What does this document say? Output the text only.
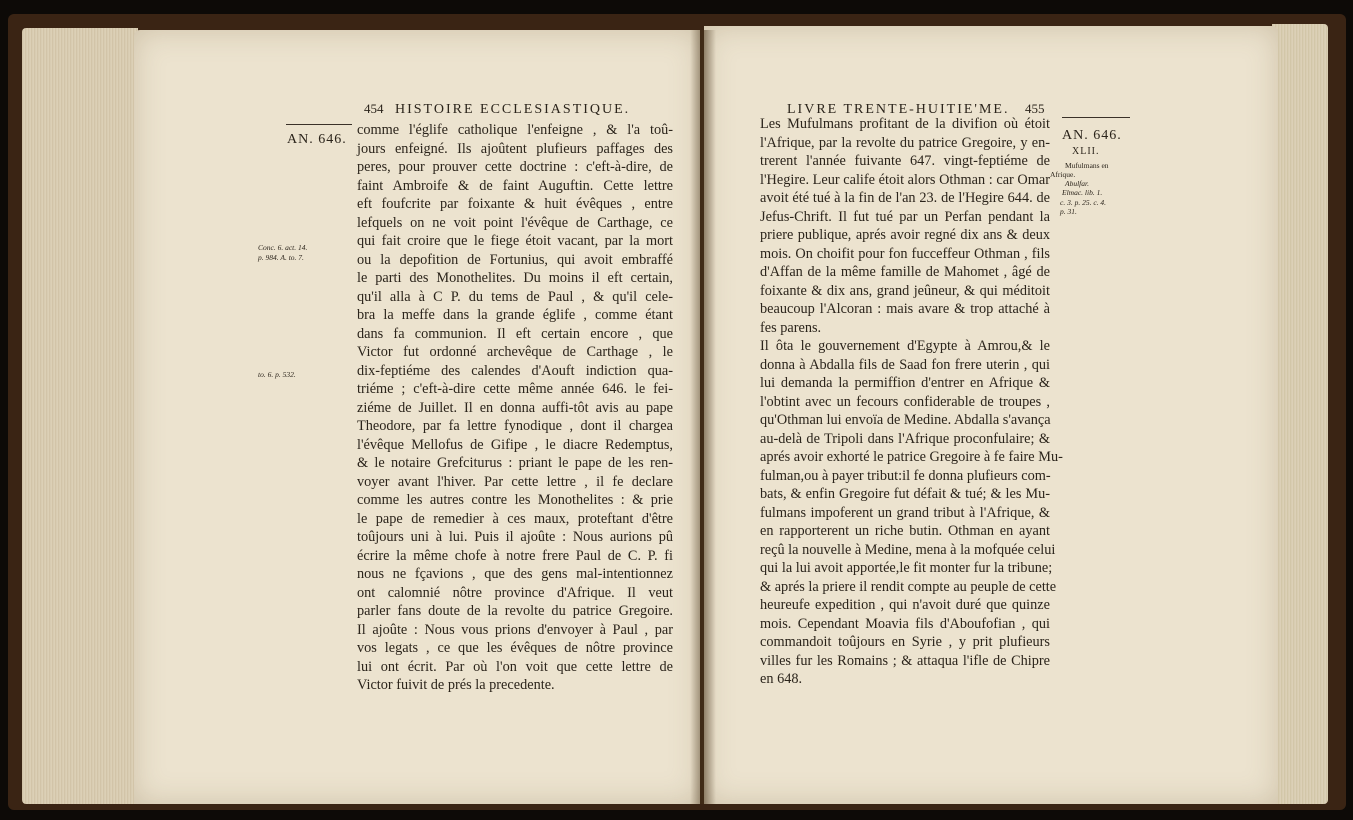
454 HISTOIRE ECCLESIASTIQUE.
AN. 646.
Conc. 6. act. 14.
p. 984. A. to. 7.
to. 6. p. 532.
comme l'églife catholique l'enfeigne , & l'a toû-
jours enfeigné. Ils ajoûtent plufieurs paffages des
peres, pour prouver cette doctrine : c'eft-à-dire, de
faint Ambroife & de faint Auguftin. Cette lettre
eft foufcrite par foixante & huit évêques , entre
lefquels on ne voit point l'évêque de Carthage, ce
qui fait croire que le fiege étoit vacant, par la mort
ou la depofition de Fortunius, qui avoit embraffé
le parti des Monothelites. Du moins il eft certain,
qu'il alla à C P. du tems de Paul , & qu'il cele-
bra la meffe dans la grande églife , comme étant
dans fa communion. Il eft certain encore , que
Victor fut ordonné archevêque de Carthage , le
dix-feptiéme des calendes d'Aouft indiction qua-
triéme ; c'eft-à-dire cette même année 646. le fei-
ziéme de Juillet. Il en donna auffi-tôt avis au pape
Theodore, par fa lettre fynodique , dont il chargea
l'évêque Mellofus de Gifipe , le diacre Redemptus,
& le notaire Grefciturus : priant le pape de les ren-
voyer avant l'hiver. Par cette lettre , il fe declare
comme les autres contre les Monothelites : & prie
le pape de remedier à ces maux, proteftant d'être
toûjours uni à lui. Puis il ajoûte : Nous aurions pû
écrire la même chofe à notre frere Paul de C. P. fi
nous ne fçavions , que des gens mal-intentionnez
ont calomnié nôtre province d'Afrique. Il veut
parler fans doute de la revolte du patrice Gregoire.
Il ajoûte : Nous vous prions d'envoyer à Paul , par
vos legats , ce que les évêques de nôtre province
lui ont écrit. Par où l'on voit que cette lettre de
Victor fuivit de prés la precedente.
LIVRE TRENTE-HUITIE'ME. 455
AN. 646.
XLII.
Mufulmans en
Afrique.
Abulfar.
Elmac. lib. 1.
c. 3. p. 25. c. 4.
p. 31.
Les Mufulmans profitant de la divifion où étoit
l'Afrique, par la revolte du patrice Gregoire, y en-
trerent l'année fuivante 647. vingt-feptiéme de
l'Hegire. Leur calife étoit alors Othman : car Omar
avoit été tué à la fin de l'an 23. de l'Hegire 644. de
Jefus-Chrift. Il fut tué par un Perfan pendant la
priere publique, aprés avoir regné dix ans & deux
mois. On choifit pour fon fucceffeur Othman , fils
d'Affan de la même famille de Mahomet , âgé de
foixante & dix ans, grand jeûneur, & qui méditoit
beaucoup l'Alcoran : mais avare & trop attaché à
fes parens.
Il ôta le gouvernement d'Egypte à Amrou,& le
donna à Abdalla fils de Saad fon frere uterin , qui
lui demanda la permiffion d'entrer en Afrique &
l'obtint avec un fecours confiderable de troupes ,
qu'Othman lui envoïa de Medine. Abdalla s'avança
au-delà de Tripoli dans l'Afrique proconfulaire; &
aprés avoir exhorté le patrice Gregoire à fe faire Mu-
fulman,ou à payer tribut:il fe donna plufieurs com-
bats, & enfin Gregoire fut défait & tué; & les Mu-
fulmans impoferent un grand tribut à l'Afrique, &
en rapporterent un riche butin. Othman en ayant
reçû la nouvelle à Medine, mena à la mofquée celui
qui la lui avoit apportée,le fit monter fur la tribune;
& aprés la priere il rendit compte au peuple de cette
heureufe expedition , qui n'avoit duré que quinze
mois. Cependant Moavia fils d'Aboufofian , qui
commandoit toûjours en Syrie , y prit plufieurs
villes fur les Romains ; & attaqua l'ifle de Chipre
en 648.
